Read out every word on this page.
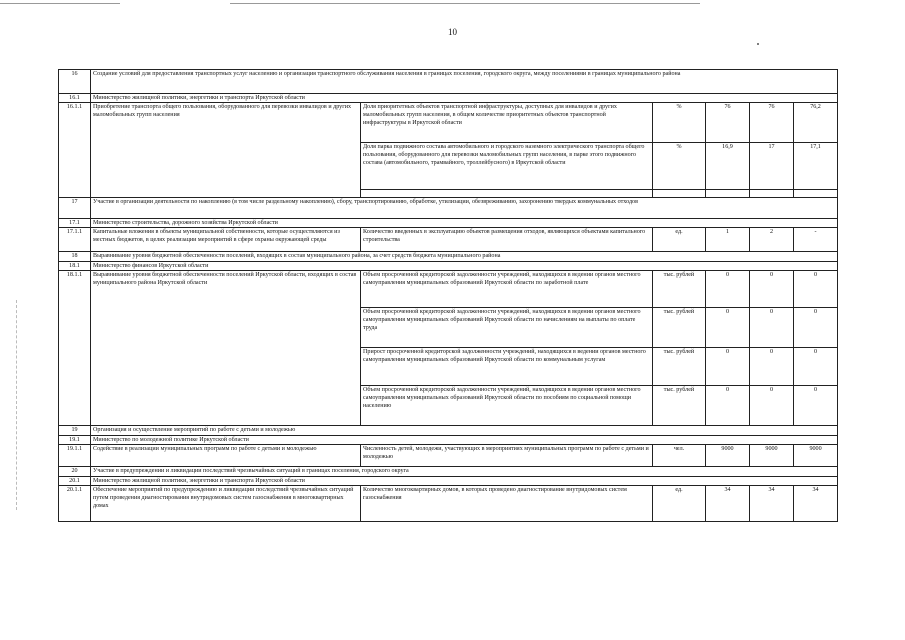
10
16	Создание условий для предоставления транспортных услуг населению и организация транспортного обслуживания населения в границах поселения, городского округа, между поселениями в границах муниципального района					
16.1	Министерство жилищной политики, энергетики и транспорта Иркутской области					
16.1.1	Приобретение транспорта общего пользования, оборудованного для перевозки инвалидов и других маломобильных групп населения	Доля приоритетных объектов транспортной инфраструктуры, доступных для инвалидов и других маломобильных групп населения, в общем количестве приоритетных объектов транспортной инфраструктуры в Иркутской области	%	76	76	76,2
		Доля парка подвижного состава автомобильного и городского наземного электрического транспорта общего пользования, оборудованного для перевозки маломобильных групп населения, в парке этого подвижного состава (автомобильного, трамвайного, троллейбусного) в Иркутской области	%	16,9	17	17,1

17	Участие в организации деятельности по накоплению (в том числе раздельному накоплению), сбору, транспортированию, обработке, утилизации, обезвреживанию, захоронению твердых коммунальных отходов					
17.1	Министерство строительства, дорожного хозяйства Иркутской области					
17.1.1	Капитальные вложения в объекты муниципальной собственности, которые осуществляются из местных бюджетов, в целях реализации мероприятий в сфере охраны окружающей среды	Количество введенных в эксплуатацию объектов размещения отходов, являющихся объектами капитального строительства	ед.	1	2	-
18	Выравнивание уровня бюджетной обеспеченности поселений, входящих в состав муниципального района, за счет средств бюджета муниципального района					
18.1	Министерство финансов Иркутской области					
18.1.1	Выравнивание уровня бюджетной обеспеченности поселений Иркутской области, входящих в состав муниципального района Иркутской области	Объем просроченной кредиторской задолженности учреждений, находящихся в ведении органов местного самоуправления муниципальных образований Иркутской области по заработной плате	тыс. рублей	0	0	0
		Объем просроченной кредиторской задолженности учреждений, находящихся в ведении органов местного самоуправления муниципальных образований Иркутской области по начислениям на выплаты по оплате труда	тыс. рублей	0	0	0
		Прирост просроченной кредиторской задолженности учреждений, находящихся в ведении органов местного самоуправления муниципальных образований Иркутской области по коммунальным услугам	тыс. рублей	0	0	0
		Объем просроченной кредиторской задолженности учреждений, находящихся в ведении органов местного самоуправления муниципальных образований Иркутской области по пособиям по социальной помощи населению	тыс. рублей	0	0	0
19	Организация и осуществление мероприятий по работе с детьми и молодежью					
19.1	Министерство по молодежной политике Иркутской области					
19.1.1	Содействие в реализации муниципальных программ по работе с детьми и молодежью	Численность детей, молодежи, участвующих в мероприятиях муниципальных программ по работе с детьми и молодежью	чел.	9000	9000	9000
20	Участие в предупреждении и ликвидации последствий чрезвычайных ситуаций в границах поселения, городского округа					
20.1	Министерство жилищной политики, энергетики и транспорта Иркутской области					
20.1.1	Обеспечение мероприятий по предупреждению и ликвидации последствий чрезвычайных ситуаций путем проведения диагностирования внутридомовых систем газоснабжения в многоквартирных домах	Количество многоквартирных домов, в которых проведено диагностирование внутридомовых систем газоснабжения	ед.	34	34	34
